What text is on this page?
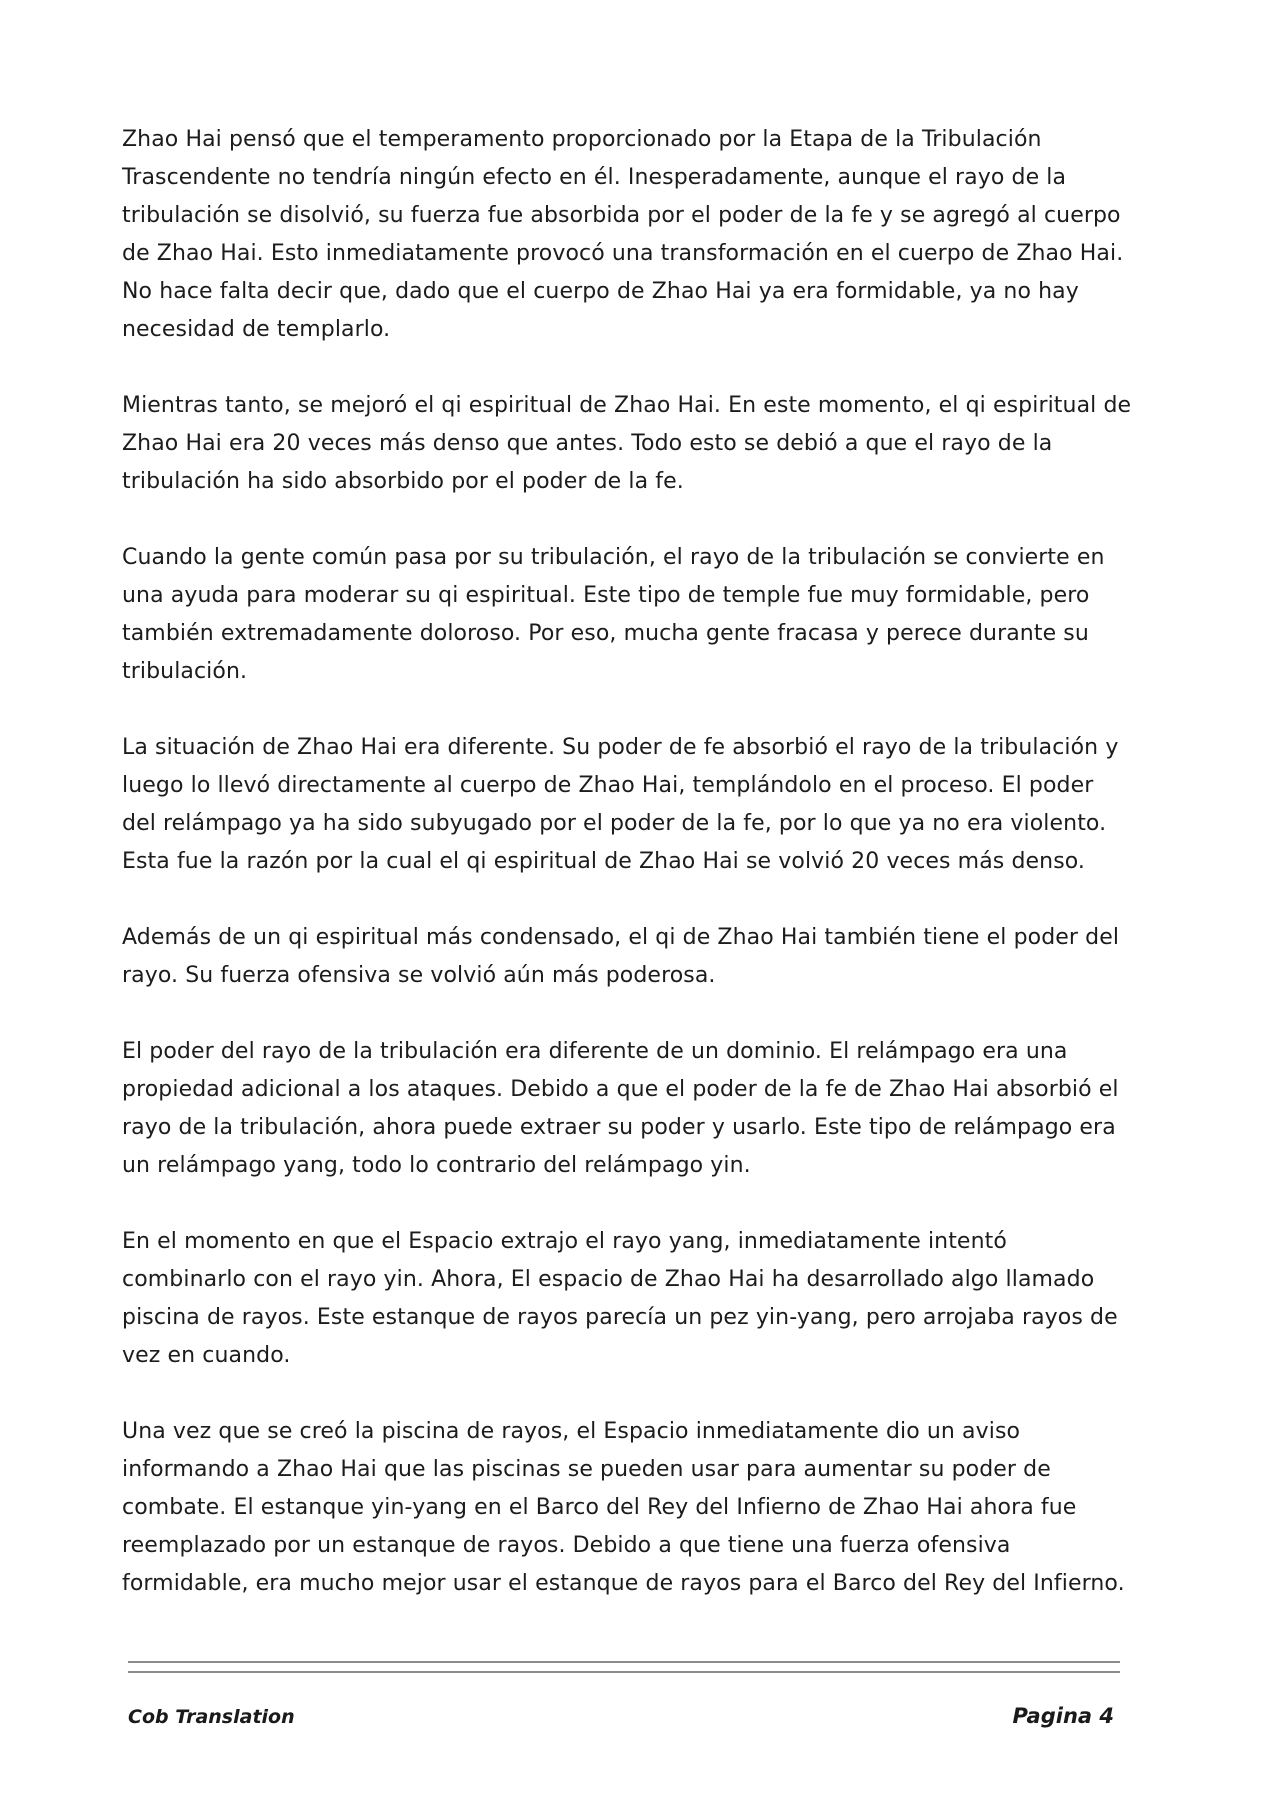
Zhao Hai pensó que el temperamento proporcionado por la Etapa de la Tribulación Trascendente no tendría ningún efecto en él. Inesperadamente, aunque el rayo de la tribulación se disolvió, su fuerza fue absorbida por el poder de la fe y se agregó al cuerpo de Zhao Hai. Esto inmediatamente provocó una transformación en el cuerpo de Zhao Hai. No hace falta decir que, dado que el cuerpo de Zhao Hai ya era formidable, ya no hay necesidad de templarlo.

Mientras tanto, se mejoró el qi espiritual de Zhao Hai. En este momento, el qi espiritual de Zhao Hai era 20 veces más denso que antes. Todo esto se debió a que el rayo de la tribulación ha sido absorbido por el poder de la fe.

Cuando la gente común pasa por su tribulación, el rayo de la tribulación se convierte en una ayuda para moderar su qi espiritual. Este tipo de temple fue muy formidable, pero también extremadamente doloroso. Por eso, mucha gente fracasa y perece durante su tribulación.

La situación de Zhao Hai era diferente. Su poder de fe absorbió el rayo de la tribulación y luego lo llevó directamente al cuerpo de Zhao Hai, templándolo en el proceso. El poder del relámpago ya ha sido subyugado por el poder de la fe, por lo que ya no era violento. Esta fue la razón por la cual el qi espiritual de Zhao Hai se volvió 20 veces más denso.

Además de un qi espiritual más condensado, el qi de Zhao Hai también tiene el poder del rayo. Su fuerza ofensiva se volvió aún más poderosa.

El poder del rayo de la tribulación era diferente de un dominio. El relámpago era una propiedad adicional a los ataques. Debido a que el poder de la fe de Zhao Hai absorbió el rayo de la tribulación, ahora puede extraer su poder y usarlo. Este tipo de relámpago era un relámpago yang, todo lo contrario del relámpago yin.

En el momento en que el Espacio extrajo el rayo yang, inmediatamente intentó combinarlo con el rayo yin. Ahora, El espacio de Zhao Hai ha desarrollado algo llamado piscina de rayos. Este estanque de rayos parecía un pez yin-yang, pero arrojaba rayos de vez en cuando.

Una vez que se creó la piscina de rayos, el Espacio inmediatamente dio un aviso informando a Zhao Hai que las piscinas se pueden usar para aumentar su poder de combate. El estanque yin-yang en el Barco del Rey del Infierno de Zhao Hai ahora fue reemplazado por un estanque de rayos. Debido a que tiene una fuerza ofensiva formidable, era mucho mejor usar el estanque de rayos para el Barco del Rey del Infierno.

Cob Translation	Pagina 4
